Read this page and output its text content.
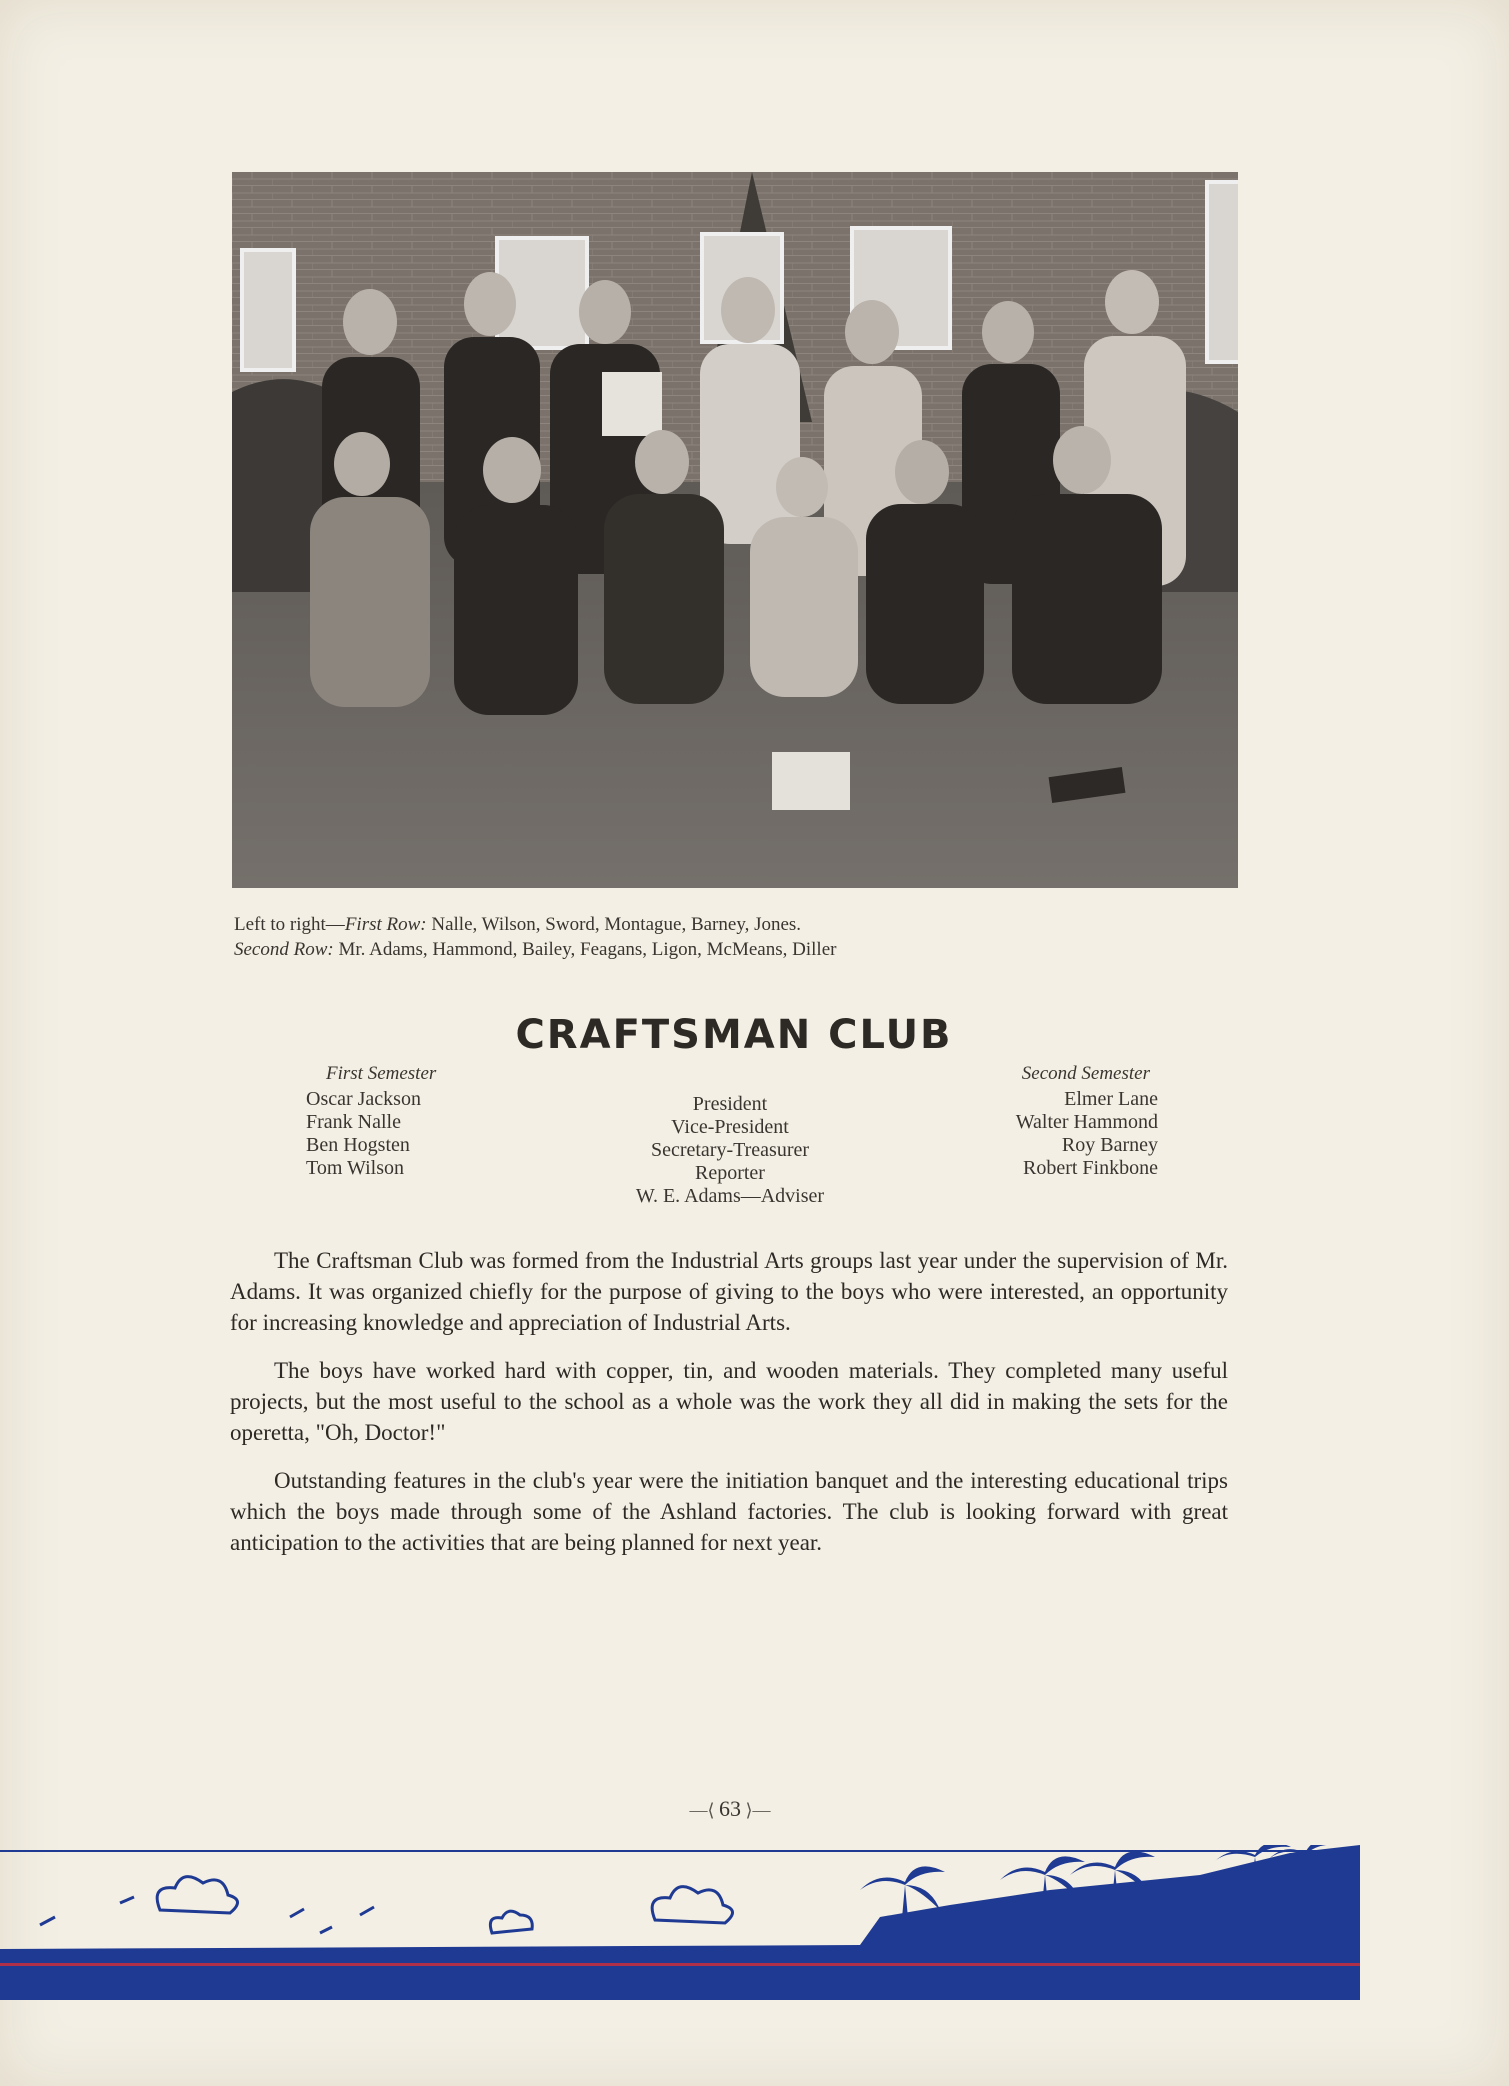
Left to right—First Row: Nalle, Wilson, Sword, Montague, Barney, Jones.
Second Row: Mr. Adams, Hammond, Bailey, Feagans, Ligon, McMeans, Diller
CRAFTSMAN CLUB
First Semester
Oscar Jackson
Frank Nalle
Ben Hogsten
Tom Wilson
President
Vice-President
Secretary-Treasurer
Reporter
W. E. Adams—Adviser
Second Semester
Elmer Lane
Walter Hammond
Roy Barney
Robert Finkbone

The Craftsman Club was formed from the Industrial Arts groups last year under the supervision of Mr. Adams. It was organized chiefly for the purpose of giving to the boys who were interested, an opportunity for increasing knowledge and appreciation of Industrial Arts.

The boys have worked hard with copper, tin, and wooden materials. They completed many useful projects, but the most useful to the school as a whole was the work they all did in making the sets for the operetta, "Oh, Doctor!"

Outstanding features in the club's year were the initiation banquet and the interesting educational trips which the boys made through some of the Ashland factories. The club is looking forward with great anticipation to the activities that are being planned for next year.

—⟨ 63 ⟩—
